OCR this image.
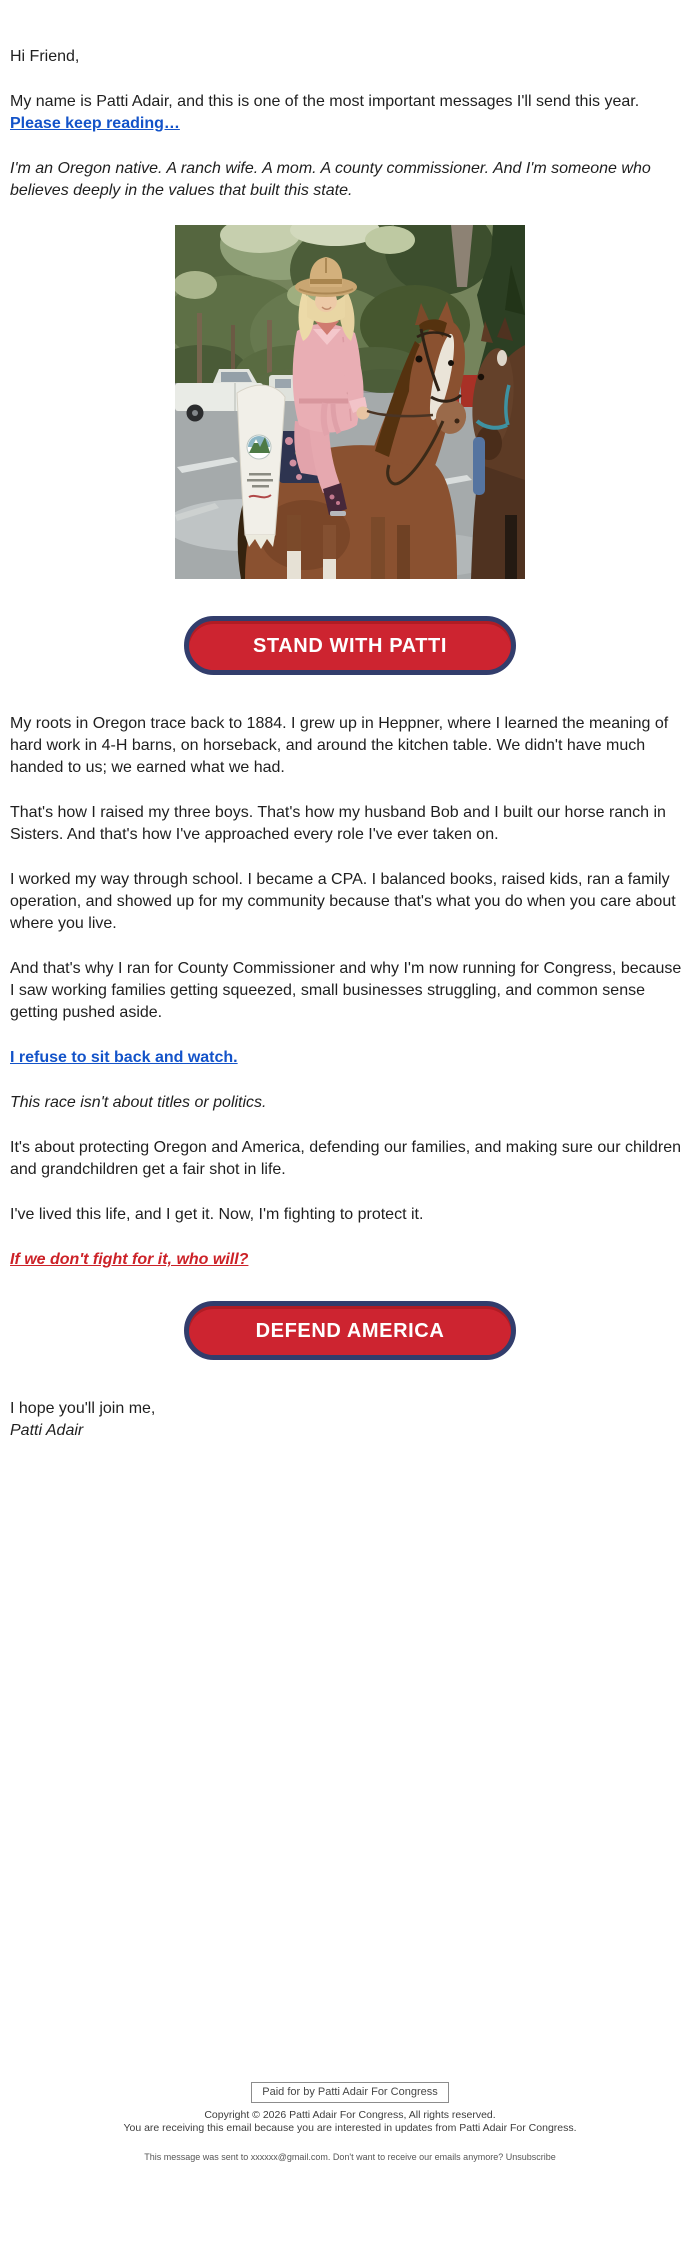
Hi Friend,

My name is Patti Adair, and this is one of the most important messages I'll send this year. Please keep reading…

I'm an Oregon native. A ranch wife. A mom. A county commissioner. And I'm someone who believes deeply in the values that built this state.

STAND WITH PATTI

My roots in Oregon trace back to 1884. I grew up in Heppner, where I learned the meaning of hard work in 4-H barns, on horseback, and around the kitchen table. We didn't have much handed to us; we earned what we had.

That's how I raised my three boys. That's how my husband Bob and I built our horse ranch in Sisters. And that's how I've approached every role I've ever taken on.

I worked my way through school. I became a CPA. I balanced books, raised kids, ran a family operation, and showed up for my community because that's what you do when you care about where you live.

And that's why I ran for County Commissioner and why I'm now running for Congress, because I saw working families getting squeezed, small businesses struggling, and common sense getting pushed aside.

I refuse to sit back and watch.

This race isn't about titles or politics.

It's about protecting Oregon and America, defending our families, and making sure our children and grandchildren get a fair shot in life.

I've lived this life, and I get it. Now, I'm fighting to protect it.

If we don't fight for it, who will?

DEFEND AMERICA

I hope you'll join me,
Patti Adair

Paid for by Patti Adair For Congress
Copyright © 2026 Patti Adair For Congress, All rights reserved.
You are receiving this email because you are interested in updates from Patti Adair For Congress.
This message was sent to xxxxxx@gmail.com. Don't want to receive our emails anymore? Unsubscribe
